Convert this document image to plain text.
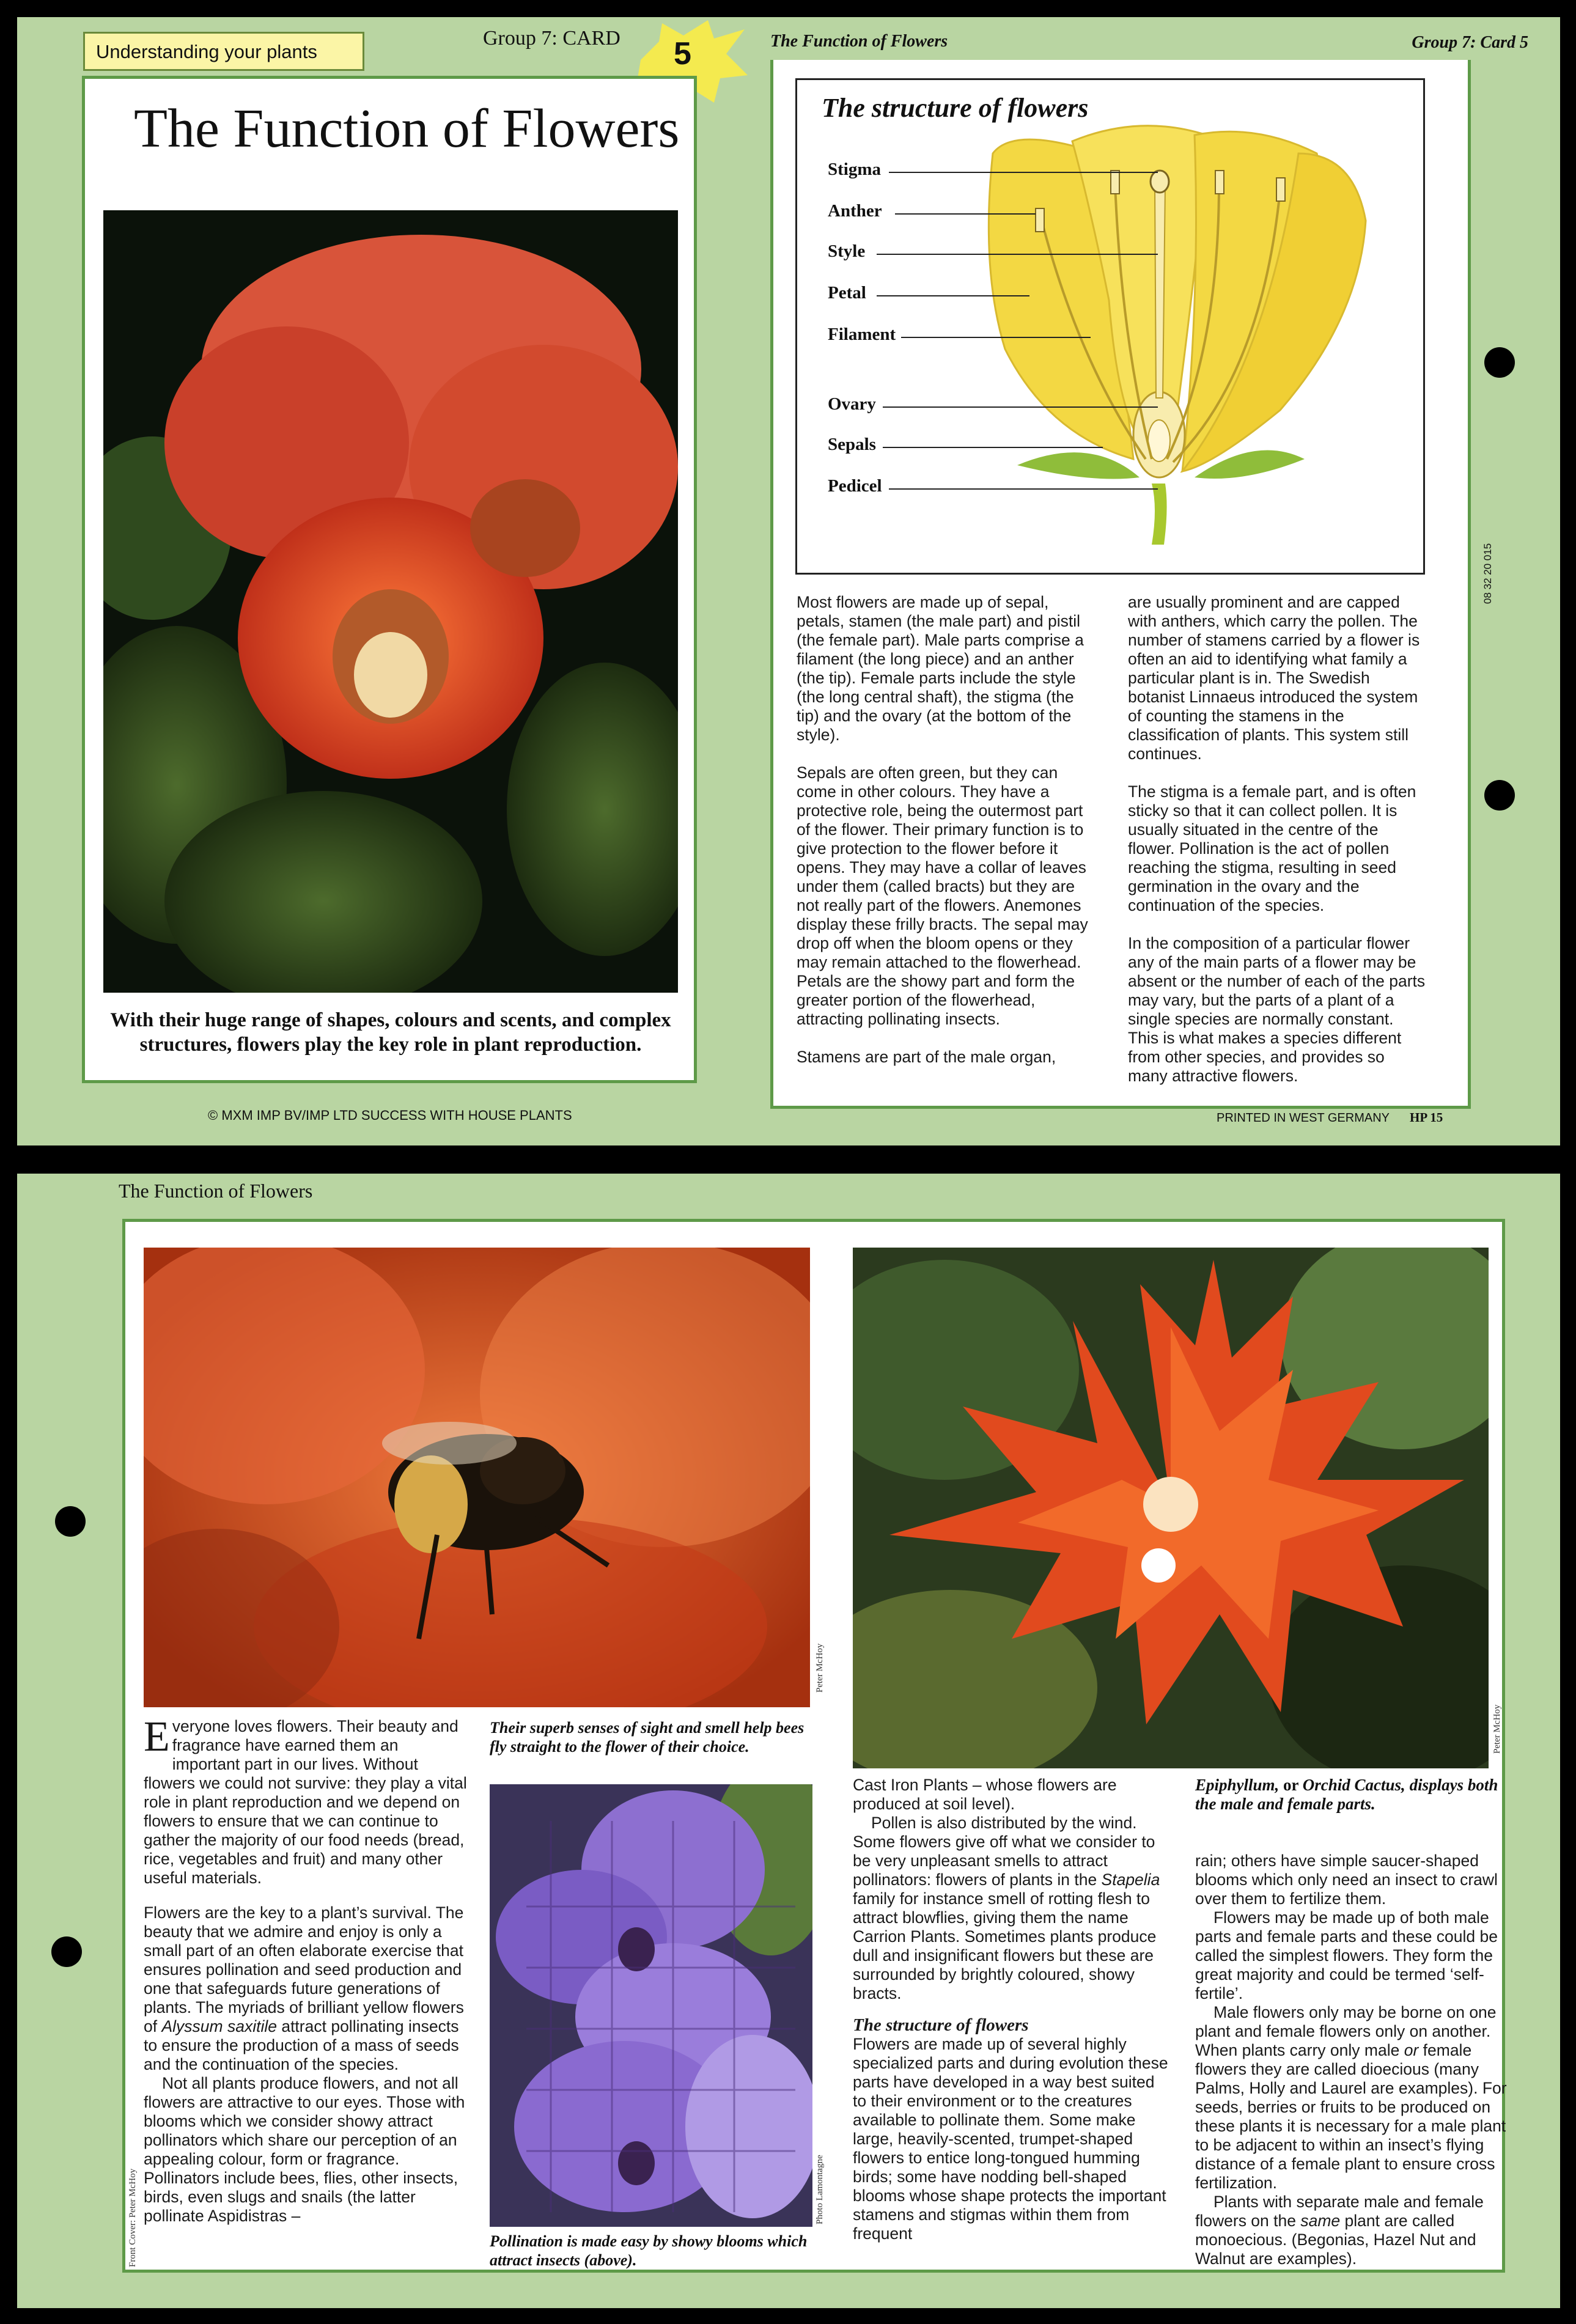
Understanding your plants
Group 7: CARD 5
The Function of Flowers
With their huge range of shapes, colours and scents, and complex structures, flowers play the key role in plant reproduction.
© MXM IMP BV/IMP LTD SUCCESS WITH HOUSE PLANTS
The Function of Flowers	Group 7: Card 5
08 32 20 015
The structure of flowers
Stigma
Anther
Style
Petal
Filament
Ovary
Sepals
Pedicel

Most flowers are made up of sepal, petals, stamen (the male part) and pistil (the female part). Male parts comprise a filament (the long piece) and an anther (the tip). Female parts include the style (the long central shaft), the stigma (the tip) and the ovary (at the bottom of the style).

Sepals are often green, but they can come in other colours. They have a protective role, being the outermost part of the flower. Their primary function is to give protection to the flower before it opens. They may have a collar of leaves under them (called bracts) but they are not really part of the flowers. Anemones display these frilly bracts. The sepal may drop off when the bloom opens or they may remain attached to the flowerhead. Petals are the showy part and form the greater portion of the flowerhead, attracting pollinating insects.

Stamens are part of the male organ,

are usually prominent and are capped with anthers, which carry the pollen. The number of stamens carried by a flower is often an aid to identifying what family a particular plant is in. The Swedish botanist Linnaeus introduced the system of counting the stamens in the classification of plants. This system still continues.

The stigma is a female part, and is often sticky so that it can collect pollen. It is usually situated in the centre of the flower. Pollination is the act of pollen reaching the stigma, resulting in seed germination in the ovary and the continuation of the species.

In the composition of a particular flower any of the main parts of a flower may be absent or the number of each of the parts may vary, but the parts of a plant of a single species are normally constant. This is what makes a species different from other species, and provides so many attractive flowers.

PRINTED IN WEST GERMANY HP 15
The Function of Flowers
Peter McHoy
Peter McHoy
Photo Lamontagne
Front Cover: Peter McHoy
Their superb senses of sight and smell help bees fly straight to the flower of their choice.

Everyone loves flowers. Their beauty and fragrance have earned them an important part in our lives. Without flowers we could not survive: they play a vital role in plant reproduction and we depend on flowers to ensure that we can continue to gather the majority of our food needs (bread, rice, vegetables and fruit) and many other useful materials.

Flowers are the key to a plant’s survival. The beauty that we admire and enjoy is only a small part of an often elaborate exercise that ensures pollination and seed production and one that safeguards future generations of plants. The myriads of brilliant yellow flowers of Alyssum saxitile attract pollinating insects to ensure the production of a mass of seeds and the continuation of the species.

Not all plants produce flowers, and not all flowers are attractive to our eyes. Those with blooms which we consider showy attract pollinators which share our perception of an appealing colour, form or fragrance. Pollinators include bees, flies, other insects, birds, even slugs and snails (the latter pollinate Aspidistras –

Pollination is made easy by showy blooms which attract insects (above).

Cast Iron Plants – whose flowers are produced at soil level).

Pollen is also distributed by the wind. Some flowers give off what we consider to be very unpleasant smells to attract pollinators: flowers of plants in the Stapelia family for instance smell of rotting flesh to attract blowflies, giving them the name Carrion Plants. Sometimes plants produce dull and insignificant flowers but these are surrounded by brightly coloured, showy bracts.

The structure of flowers

Flowers are made up of several highly specialized parts and during evolution these parts have developed in a way best suited to their environment or to the creatures available to pollinate them. Some make large, heavily-scented, trumpet-shaped flowers to entice long-tongued humming birds; some have nodding bell-shaped blooms whose shape protects the important stamens and stigmas within them from frequent

Epiphyllum, or Orchid Cactus, displays both the male and female parts.

rain; others have simple saucer-shaped blooms which only need an insect to crawl over them to fertilize them.

Flowers may be made up of both male parts and female parts and these could be called the simplest flowers. They form the great majority and could be termed ‘self-fertile’.

Male flowers only may be borne on one plant and female flowers only on another. When plants carry only male or female flowers they are called dioecious (many Palms, Holly and Laurel are examples). For seeds, berries or fruits to be produced on these plants it is necessary for a male plant to be adjacent to within an insect’s flying distance of a female plant to ensure cross fertilization.

Plants with separate male and female flowers on the same plant are called monoecious. (Begonias, Hazel Nut and Walnut are examples).
